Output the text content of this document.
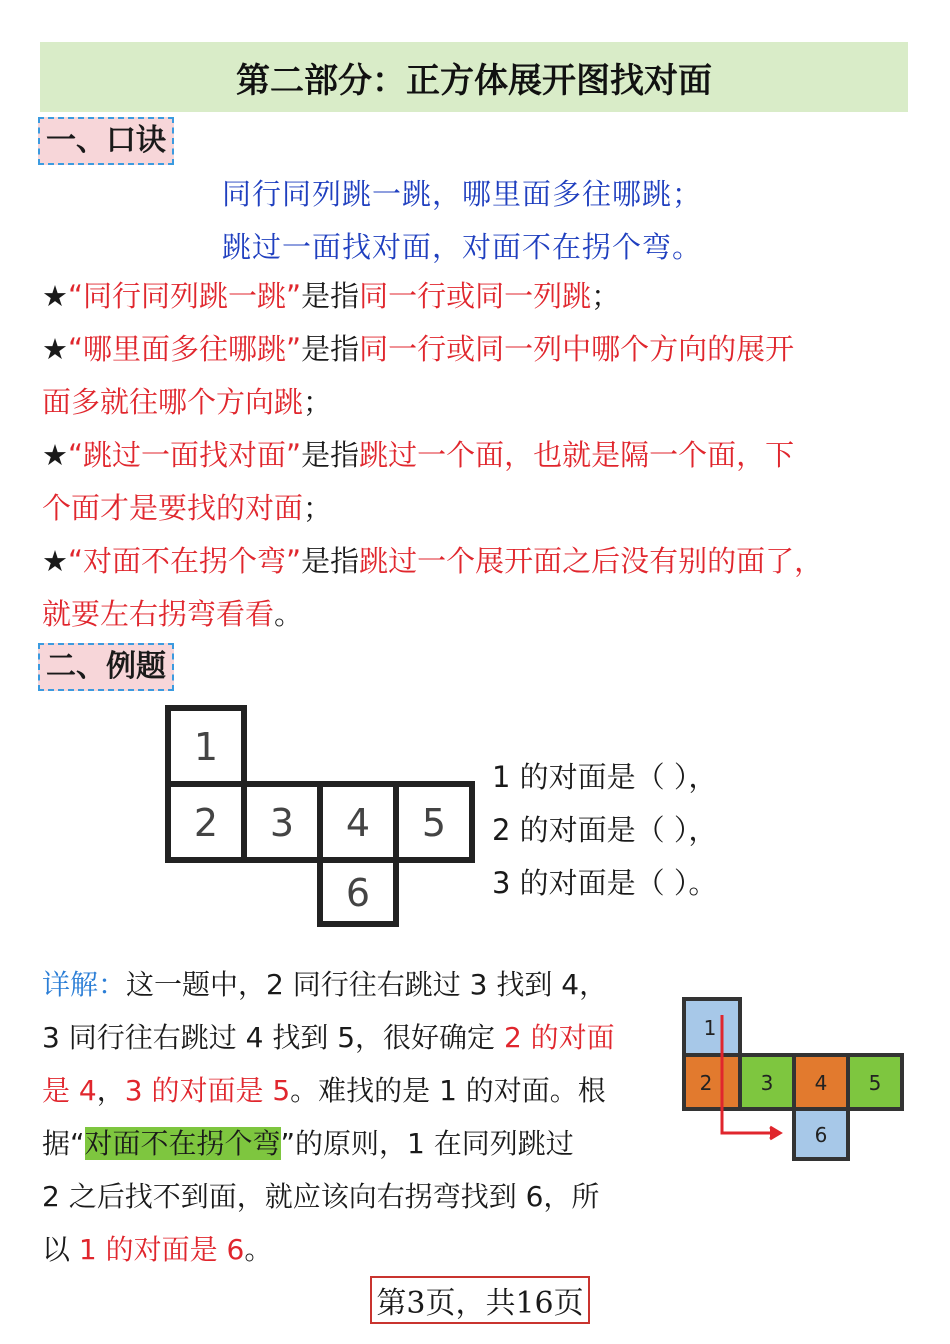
第二部分：正方体展开图找对面
一、口诀
同行同列跳一跳，哪里面多往哪跳；
跳过一面找对面，对面不在拐个弯。
★“同行同列跳一跳”是指同一行或同一列跳；
★“哪里面多往哪跳”是指同一行或同一列中哪个方向的展开
面多就往哪个方向跳；
★“跳过一面找对面”是指跳过一个面，也就是隔一个面，下
个面才是要找的对面；
★“对面不在拐个弯”是指跳过一个展开面之后没有别的面了，
就要左右拐弯看看。
二、例题
1
2 3 4 5
6
1 的对面是（ ），
2 的对面是（ ），
3 的对面是（ ）。
详解：这一题中，2 同行往右跳过 3 找到 4，
3 同行往右跳过 4 找到 5，很好确定 2 的对面
是 4，3 的对面是 5。难找的是 1 的对面。根
据“对面不在拐个弯”的原则，1 在同列跳过
2 之后找不到面，就应该向右拐弯找到 6，所
以 1 的对面是 6。
1
2 3 4 5
6
第3页，共16页
